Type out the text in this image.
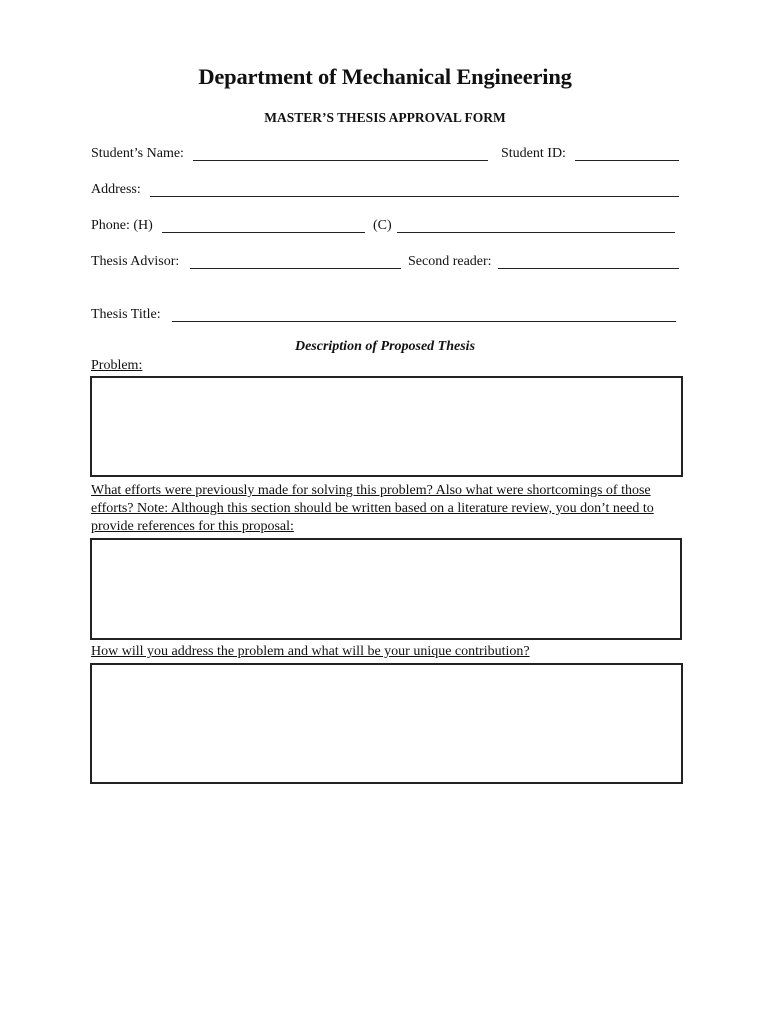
Department of Mechanical Engineering
MASTER’S THESIS APPROVAL FORM
Student’s Name:	Student ID:
Address:
Phone: (H)	(C)
Thesis Advisor:	Second reader:
Thesis Title:
Description of Proposed Thesis
Problem:
What efforts were previously made for solving this problem? Also what were shortcomings of those efforts? Note: Although this section should be written based on a literature review, you don’t need to provide references for this proposal:
How will you address the problem and what will be your unique contribution?
